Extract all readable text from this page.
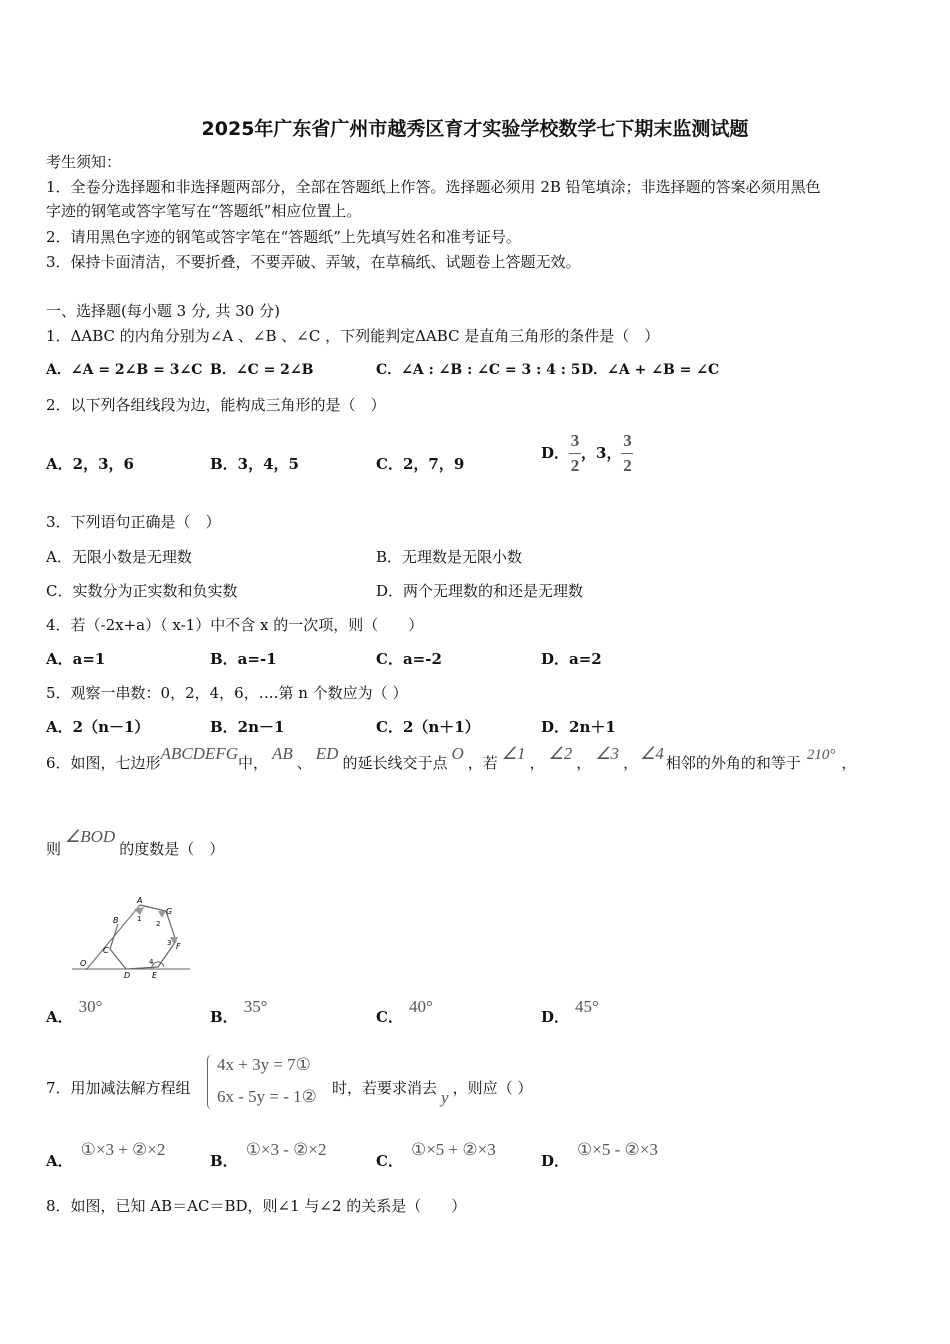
2025年广东省广州市越秀区育才实验学校数学七下期末监测试题
考生须知：
1．全卷分选择题和非选择题两部分，全部在答题纸上作答。选择题必须用 2B 铅笔填涂；非选择题的答案必须用黑色
字迹的钢笔或答字笔写在“答题纸”相应位置上。
2．请用黑色字迹的钢笔或答字笔在“答题纸”上先填写姓名和准考证号。
3．保持卡面清洁，不要折叠，不要弄破、弄皱，在草稿纸、试题卷上答题无效。
一、选择题(每小题 3 分, 共 30 分)
1．ΔABC 的内角分别为∠A 、∠B 、∠C ，下列能判定ΔABC 是直角三角形的条件是（　）
A．∠A = 2∠B = 3∠C B．∠C = 2∠B	C．∠A : ∠B : ∠C = 3 : 4 : 5 D．∠A + ∠B = ∠C
2．以下列各组线段为边，能构成三角形的是（　）
A．2，3，6	B．3，4，5	C．2，7，9
D． $\frac{3}{2}$ ，3， $\frac{3}{2}$
3．下列语句正确是（　）
A．无限小数是无理数	B．无理数是无限小数
C．实数分为正实数和负实数	D．两个无理数的和还是无理数
4．若（-2x+a）（ x-1）中不含 x 的一次项，则（　　）
A．a=1	B．a=-1	C．a=-2	D．a=2
5．观察一串数：0，2，4，6，….第 n 个数应为（ ）
A．2（n－1）	B．2n－1	C．2（n＋1）	D．2n＋1
6．如图，七边形ABCDEFG中， AB 、 ED 的延长线交于点 O ，若 ∠1 ， ∠2 ， ∠3 ， ∠4 相邻的外角的和等于 210° ，
则∠BOD的度数是（　）
A
B
C
D	E
F
G
O
1
2
3
4
A．30°
B．35°
C．40°
D．45°
7．用加减法解方程组
4x + 3y = 7①
6x - 5y = - 1② 时，若要求消去 y ，则应（ ）
A．①×3 + ②×2
B．①×3 - ②×2
C．①×5 + ②×3
D．①×5 - ②×3
8．如图，已知 AB＝AC＝BD，则∠1 与∠2 的关系是（　　）
